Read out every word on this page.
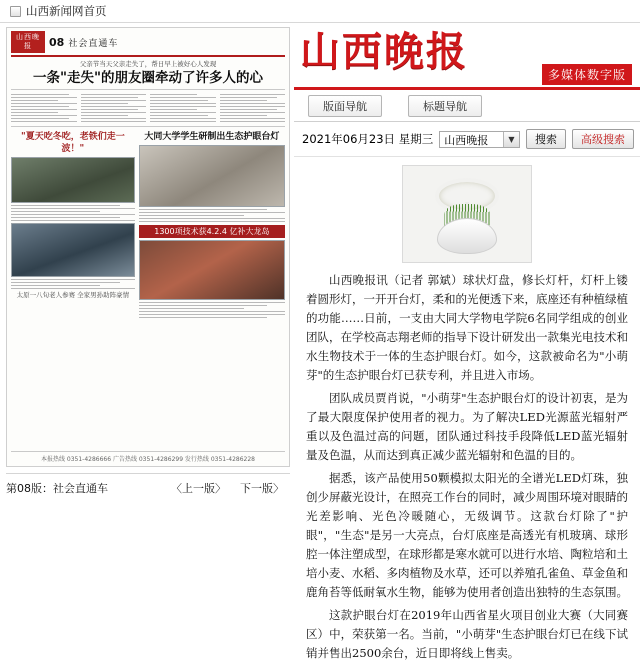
山西新闻网首页
山西晚报	08 社会直通车
父亲节当天父亲走失了，帮日早上被好心人发现
一条"走失"的朋友圈牵动了许多人的心
"夏天吃冬吃，老铁们走一波！"
太原一八旬老人参赛 全家男孙助阵豪情
大同大学学生研制出生态护眼台灯
1300项技术获4.2.4 亿补大龙岛
本报热线 0351-4286666 广告热线 0351-4286299 发行热线 0351-4286228
第08版：社会直通车	〈上一版〉 下一版〉
山西晚报	多媒体数字版
版面导航	标题导航
2021年06月23日 星期三	山西晚报	▼	搜索	高级搜索

山西晚报讯（记者 郭斌）球状灯盘，修长灯杆，灯杆上镂着圆形灯，一开开台灯，柔和的光便透下来，底座还有种植绿植的功能……日前，一支由大同大学物电学院6名同学组成的创业团队，在学校高志翔老师的指导下设计研发出一款集光电技术和水生物技术于一体的生态护眼台灯。如今，这款被命名为"小萌芽"的生态护眼台灯已获专利，并且进入市场。

团队成员贾肖说，"小萌芽"生态护眼台灯的设计初衷，是为了最大限度保护使用者的视力。为了解决LED光源蓝光辐射严重以及色温过高的问题，团队通过科技手段降低LED蓝光辐射量及色温，从而达到真正减少蓝光辐射和色温的目的。

据悉，该产品使用50颗模拟太阳光的全谱光LED灯珠，独创少屏蔽光设计，在照亮工作台的同时，减少周围环境对眼睛的光差影响、光色冷暖随心，无级调节。这款台灯除了"护眼"，"生态"是另一大亮点，台灯底座是高透光有机玻璃、球形腔一体注塑成型，在球形都是寒水就可以进行水培、陶粒培和土培小麦、水稻、多肉植物及水草，还可以养殖孔雀鱼、草金鱼和鹿角苔等低耐氧水生物，能够为使用者创造出独特的生态氛围。

这款护眼台灯在2019年山西省星火项目创业大赛（大同赛区）中，荣获第一名。当前，"小萌芽"生态护眼台灯已在线下试销并售出2500余台，近日即将线上售卖。
